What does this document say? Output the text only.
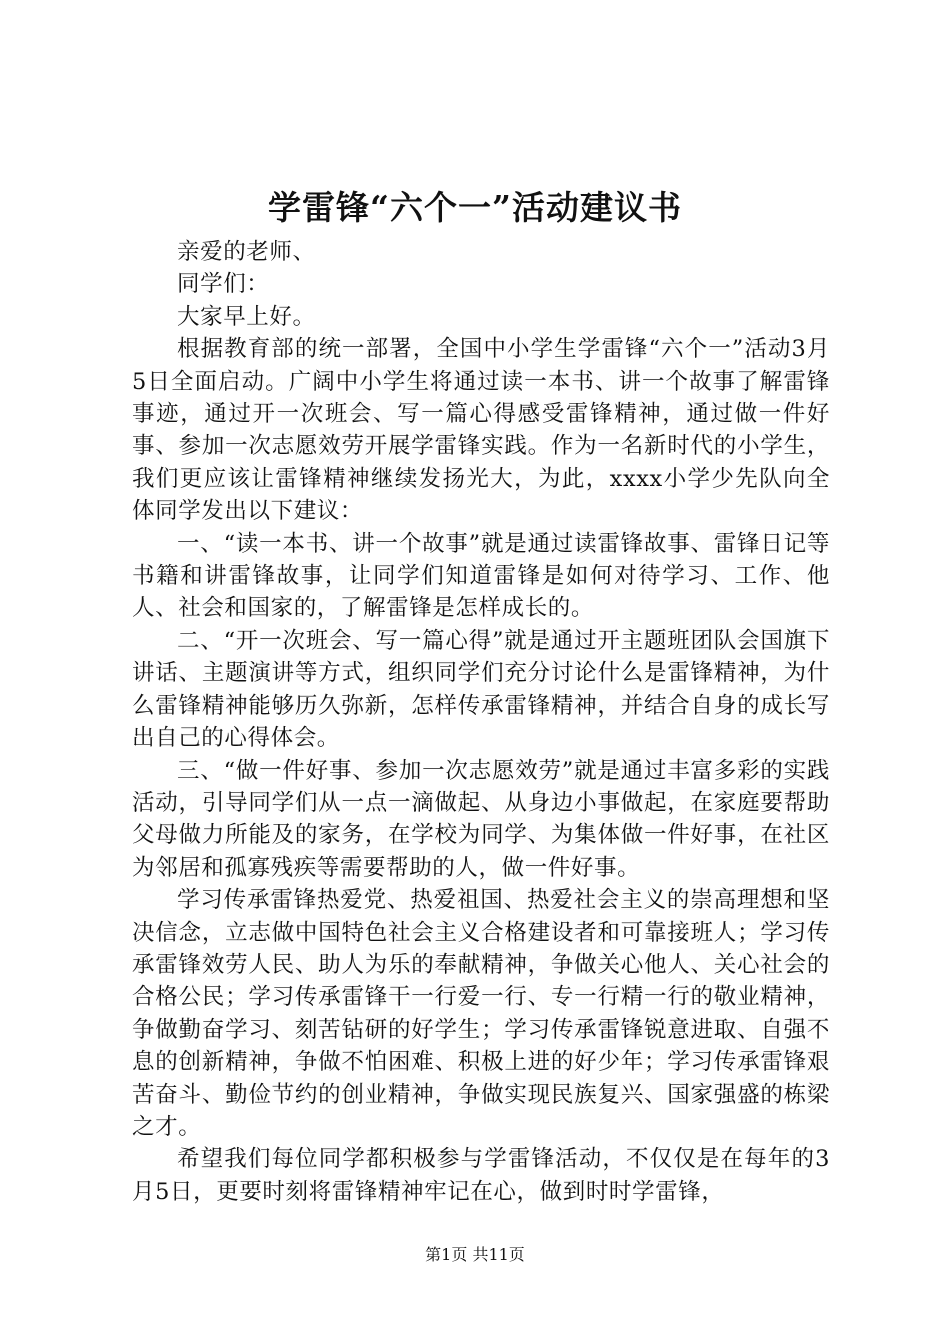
学雷锋“六个一”活动建议书

亲爱的老师、

同学们：

大家早上好。

根据教育部的统一部署，全国中小学生学雷锋“六个一”活动3月5日全面启动。广阔中小学生将通过读一本书、讲一个故事了解雷锋事迹，通过开一次班会、写一篇心得感受雷锋精神，通过做一件好事、参加一次志愿效劳开展学雷锋实践。作为一名新时代的小学生，我们更应该让雷锋精神继续发扬光大，为此，xxxx小学少先队向全体同学发出以下建议：

一、“读一本书、讲一个故事”就是通过读雷锋故事、雷锋日记等书籍和讲雷锋故事，让同学们知道雷锋是如何对待学习、工作、他人、社会和国家的，了解雷锋是怎样成长的。

二、“开一次班会、写一篇心得”就是通过开主题班团队会国旗下讲话、主题演讲等方式，组织同学们充分讨论什么是雷锋精神，为什么雷锋精神能够历久弥新，怎样传承雷锋精神，并结合自身的成长写出自己的心得体会。

三、“做一件好事、参加一次志愿效劳”就是通过丰富多彩的实践活动，引导同学们从一点一滴做起、从身边小事做起，在家庭要帮助父母做力所能及的家务，在学校为同学、为集体做一件好事，在社区为邻居和孤寡残疾等需要帮助的人，做一件好事。

学习传承雷锋热爱党、热爱祖国、热爱社会主义的崇高理想和坚决信念，立志做中国特色社会主义合格建设者和可靠接班人；学习传承雷锋效劳人民、助人为乐的奉献精神，争做关心他人、关心社会的合格公民；学习传承雷锋干一行爱一行、专一行精一行的敬业精神，争做勤奋学习、刻苦钻研的好学生；学习传承雷锋锐意进取、自强不息的创新精神，争做不怕困难、积极上进的好少年；学习传承雷锋艰苦奋斗、勤俭节约的创业精神，争做实现民族复兴、国家强盛的栋梁之才。

希望我们每位同学都积极参与学雷锋活动，不仅仅是在每年的3月5日，更要时刻将雷锋精神牢记在心，做到时时学雷锋，

第1页 共11页
